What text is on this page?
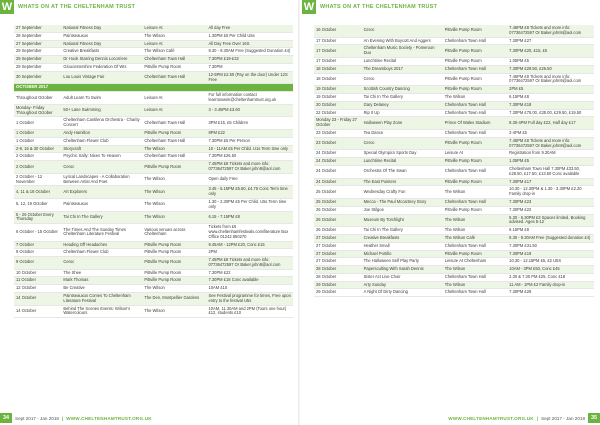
W	WHATS ON AT THE CHELTENHAM TRUST
27 September	National Fitness Day	Leisure At	All day Free
28 September	Paintseauxus	The Wilson	1.30PM £5 Per Child U5s
27 September	National Fitness Day	Leisure At	All Day Free Over 16S
29 September	Creative Breakfasts	The Wilson Café	8.30 - 9.30AM Free (Suggested Donation £4)
29 September	Dr Hook Starring Dennis Locorriere	Cheltenham Town Hall	7.30PM £19-£32
29 September	Gloucestershire Federation Of WIs	Pittville Pump Room	7.30PM
30 September	Lou Louis Vintage Fair	Cheltenham Town Hall	12-5PM £2.50 (Pay on the door) Under 12S Free
OCTOBER 2017			
Throughout October	Adult Learn To Swim	Leisure At	For full information contact learntoswim@cheltenhamtrust.org.uk
Monday- Friday Throughout October	50+ Lane Swimming	Leisure At	3 - 3.45PM £3.60
1 October	Cheltenham Cantilena Orchestra - Charity Concert	Cheltenham Town Hall	3PM £15, £5 Children
1 October	Andy Hamilton	Pittville Pump Room	8PM £22
1 October	Cheltenham Flower Club	Cheltenham Town Hall	7.30PM £5 Per Person
2-9, 16 & 30 October	Storycraft	The Wilson	10 - 11AM £5 Per Child. U1s Term time only
2 October	Psychic Sally: Nixes To Heaven	Cheltenham Town Hall	7.30PM £26.50
2 October	Ceroc	Pittville Pump Room	7.45PM £8 Tickets and more info: 07736472597 Or Baker.john9@aol.com
2 October - 12 November	Lyrical Landscapes - A Collaboration Between Artist And Poet	The Wilson	Open daily Free
4, 11 & 18 October	Art Explorers	The Wilson	3.45 - 5.15PM £5.50, £4.75 Conc Term time only
5, 12, 19 October	Paintseauxus	The Wilson	1.30 - 2.30PM £5 Per Child. U5s Term time only
5 - 26 October Every Thursday	Tai Chi In The Gallery	The Wilson	6.15 - 7.15PM £8
6 October - 15 October	The Times And The Sunday Times Cheltenham Literature Festival	Various venues across Cheltenham	Tickets from £6 www.cheltenhamfestivals.com/literature Box Office 01242 850270
7 October	Heading Off Headaches	Pittville Pump Room	9.45AM - 12PM £20, Conc £15
9 October	Cheltenham Flower Club	Pittville Pump Room	2PM
9 October	Ceroc	Pittville Pump Room	7.45PM £8 Tickets and more info: 07736472597 Or Baker.john9@aol.com
10 October	The Shee	Pittville Pump Room	7.30PM £22
11 October	Mark Thomas	Pittville Pump Room	7.30PM £18 Conc available
12 October	Be Creative	The Wilson	10AM £10
14 October	Paintseauxus Comes To Cheltenham Literature Festival	The Den, Montpellier Gardens	See Festival programme for times, Free upon entry to the festival U5s
14 October	Behind The Scenes Events: Wilson's Watercolours	The Wilson	10AM, 11.30AM and 2PM (Tours one hour) £12, students £10
34	Sept 2017 - Jan 2018 | WWW.CHELTENHAMTRUST.ORG.UK
W	WHATS ON AT THE CHELTENHAM TRUST
16 October	Ceroc	Pittville Pump Room	7.45PM £8 Tickets and more info: 07736472597 Or Baker.john9@aol.com
17 October	An Evening With Boycott And Aggers	Cheltenham Town Hall	7.30PM £27
17 October	Cheltenham Music Society - Pomeroon Duo	Pittville Pump Room	7.30PM £20, £15, £5
17 October	Lunchtime Recital	Pittville Pump Room	1.05PM £5
18 October	The Dreamboys 2017	Cheltenham Town Hall	7.30PM £29.50, £26.50
18 October	Ceroc	Pittville Pump Room	7.45PM £8 Tickets and more info: 07736472597 Or Baker.john9@aol.com
19 October	Scottish Country Dancing	Pittville Pump Room	2PM £5
19 October	Tai Chi In The Gallery	The Wilson	6.15PM £8
20 October	Gary Delaney	Cheltenham Town Hall	7.30PM £18
22 October	Rip It Up	Cheltenham Town Hall	7.30PM £75.00, £35.00, £29.50, £19.50
Monday 23 - Friday 27 October	Halloween Play Zone	Prince Of Wales Stadium	8.30-4PM Full day £22, Half day £17
23 October	Tea Dance	Cheltenham Town Hall	2-4PM £5
23 October	Ceroc	Pittville Pump Room	7.45PM £8 Tickets and more info: 07736472597 Or Baker.john9@aol.com
24 October	Special Olympics Sports Day	Leisure At	Registration from 9.30AM
24 October	Lunchtime Recital	Pittville Pump Room	1.05PM £5
24 October	Orchestra Of The Swan	Cheltenham Town Hall	Cheltenham Town Hall 7.30PM £33.50, £28.50, £17.50, £13.50 Conc available
24 October	The East Pointers	Pittville Pump Room	7.30PM £17
25 October	Wednesday Crafty Fun	The Wilson	10.30 - 12.30PM & 1.30 - 3.30PM £2.20 Family drop-in
25 October	Mecca - The Paul Mccartney Story	Cheltenham Town Hall	7.30PM £23
26 October	Joe Stilgoe	Pittville Pump Room	7.30PM £22
26 October	Museum By Torchlight	The Wilson	5.30 - 6.30PM £3 Spaces limited, Booking advised. Ages 5-12
26 October	Tai Chi In The Gallery	The Wilson	6.15PM £8
27 October	Creative Breakfasts	The Wilson Café	8.30 - 9.30AM Free (Suggested donation £4)
27 October	Heather Small	Cheltenham Town Hall	7.30PM £31.50
27 October	Michael Portillo	Pittville Pump Room	7.30PM £19
27 October	The Halloween Self Play Party	Leisure At Cheltenham	10.30 - 12.15PM £5, £2 U5S
28 October	Papersculting With Sarah Dennis	The Wilson	10AM - 3PM £50, Conc £45
28 October	Sister Act Live Choir	Cheltenham Town Hall	2.30 & 7.30 PM £25, Conc £18
29 October	Arty Sunday	The Wilson	11 AM - 1PM £2 Family drop-in
29 October	A Night Of Dirty Dancing	Cheltenham Town Hall	7.30PM £28
WWW.CHELTENHAMTRUST.ORG.UK | Sept 2017 - Jan 2018	35
